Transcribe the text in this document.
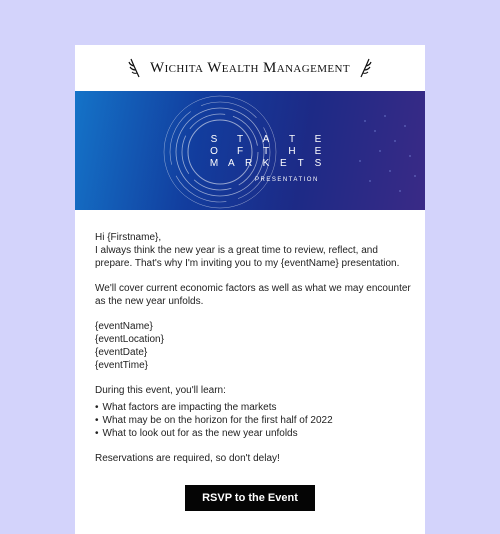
Wichita Wealth Management
S T A T E
O F T H E
M A R K E T S
PRESENTATION
Hi {Firstname},
I always think the new year is a great time to review, reflect, and
prepare. That's why I'm inviting you to my {eventName} presentation.
We'll cover current economic factors as well as what we may encounter
as the new year unfolds.
{eventName}
{eventLocation}
{eventDate}
{eventTime}
During this event, you'll learn:
• What factors are impacting the markets
• What may be on the horizon for the first half of 2022
• What to look out for as the new year unfolds
Reservations are required, so don't delay!
RSVP to the Event
